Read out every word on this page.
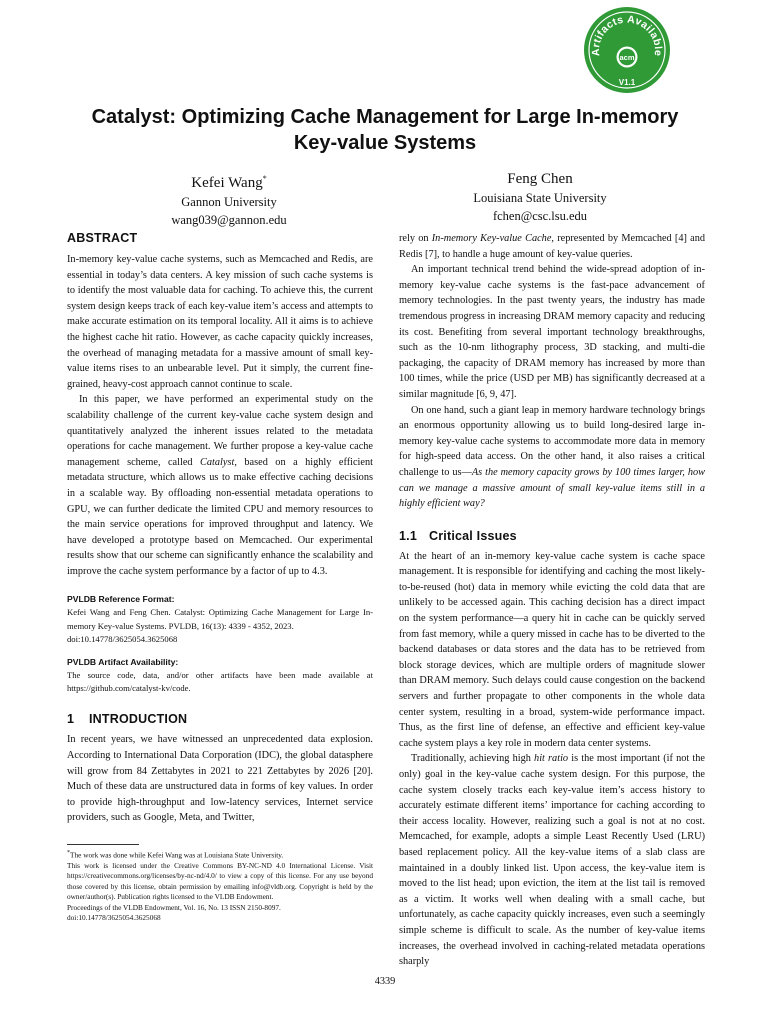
Artifacts Available
acm
V1.1
Catalyst: Optimizing Cache Management for Large In-memory
Key-value Systems
Kefei Wang*
Gannon University
wang039@gannon.edu
Feng Chen
Louisiana State University
fchen@csc.lsu.edu
ABSTRACT

In-memory key-value cache systems, such as Memcached and Redis, are essential in today’s data centers. A key mission of such cache systems is to identify the most valuable data for caching. To achieve this, the current system design keeps track of each key-value item’s access and attempts to make accurate estimation on its temporal locality. All it aims is to achieve the highest cache hit ratio. However, as cache capacity quickly increases, the overhead of managing metadata for a massive amount of small key-value items rises to an unbearable level. Put it simply, the current fine-grained, heavy-cost approach cannot continue to scale.

In this paper, we have performed an experimental study on the scalability challenge of the current key-value cache system design and quantitatively analyzed the inherent issues related to the metadata operations for cache management. We further propose a key-value cache management scheme, called Catalyst, based on a highly efficient metadata structure, which allows us to make effective caching decisions in a scalable way. By offloading non-essential metadata operations to GPU, we can further dedicate the limited CPU and memory resources to the main service operations for improved throughput and latency. We have developed a prototype based on Memcached. Our experimental results show that our scheme can significantly enhance the scalability and improve the cache system performance by a factor of up to 4.3.

PVLDB Reference Format:

Kefei Wang and Feng Chen. Catalyst: Optimizing Cache Management for Large In-memory Key-value Systems. PVLDB, 16(13): 4339 - 4352, 2023.

doi:10.14778/3625054.3625068

PVLDB Artifact Availability:

The source code, data, and/or other artifacts have been made available at https://github.com/catalyst-kv/code.

1 INTRODUCTION

In recent years, we have witnessed an unprecedented data explosion. According to International Data Corporation (IDC), the global datasphere will grow from 84 Zettabytes in 2021 to 221 Zettabytes by 2026 [20]. Much of these data are unstructured data in forms of key values. In order to provide high-throughput and low-latency services, Internet service providers, such as Google, Meta, and Twitter,

*The work was done while Kefei Wang was at Louisiana State University.

This work is licensed under the Creative Commons BY-NC-ND 4.0 International License. Visit https://creativecommons.org/licenses/by-nc-nd/4.0/ to view a copy of this license. For any use beyond those covered by this license, obtain permission by emailing info@vldb.org. Copyright is held by the owner/author(s). Publication rights licensed to the VLDB Endowment.

Proceedings of the VLDB Endowment, Vol. 16, No. 13 ISSN 2150-8097.

doi:10.14778/3625054.3625068

rely on In-memory Key-value Cache, represented by Memcached [4] and Redis [7], to handle a huge amount of key-value queries.

An important technical trend behind the wide-spread adoption of in-memory key-value cache systems is the fast-pace advancement of memory technologies. In the past twenty years, the industry has made tremendous progress in increasing DRAM memory capacity and reducing its cost. Benefiting from several important technology breakthroughs, such as the 10-nm lithography process, 3D stacking, and multi-die packaging, the capacity of DRAM memory has increased by more than 100 times, while the price (USD per MB) has significantly decreased at a similar magnitude [6, 9, 47].

On one hand, such a giant leap in memory hardware technology brings an enormous opportunity allowing us to build long-desired large in-memory key-value cache systems to accommodate more data in memory for high-speed data access. On the other hand, it also raises a critical challenge to us—As the memory capacity grows by 100 times larger, how can we manage a massive amount of small key-value items still in a highly efficient way?

1.1 Critical Issues

At the heart of an in-memory key-value cache system is cache space management. It is responsible for identifying and caching the most likely-to-be-reused (hot) data in memory while evicting the cold data that are unlikely to be accessed again. This caching decision has a direct impact on the system performance—a query hit in cache can be quickly served from fast memory, while a query missed in cache has to be diverted to the backend databases or data stores and the data has to be retrieved from block storage devices, which are multiple orders of magnitude slower than DRAM memory. Such delays could cause congestion on the backend servers and further propagate to other components in the whole data center system, resulting in a broad, system-wide performance impact. Thus, as the first line of defense, an effective and efficient key-value cache system plays a key role in modern data center systems.

Traditionally, achieving high hit ratio is the most important (if not the only) goal in the key-value cache system design. For this purpose, the cache system closely tracks each key-value item’s access history to accurately estimate different items’ importance for caching according to their access locality. However, realizing such a goal is not at no cost. Memcached, for example, adopts a simple Least Recently Used (LRU) based replacement policy. All the key-value items of a slab class are maintained in a doubly linked list. Upon access, the key-value item is moved to the list head; upon eviction, the item at the list tail is removed as a victim. It works well when dealing with a small cache, but unfortunately, as cache capacity quickly increases, even such a seemingly simple scheme is difficult to scale. As the number of key-value items increases, the overhead involved in caching-related metadata operations sharply

4339
